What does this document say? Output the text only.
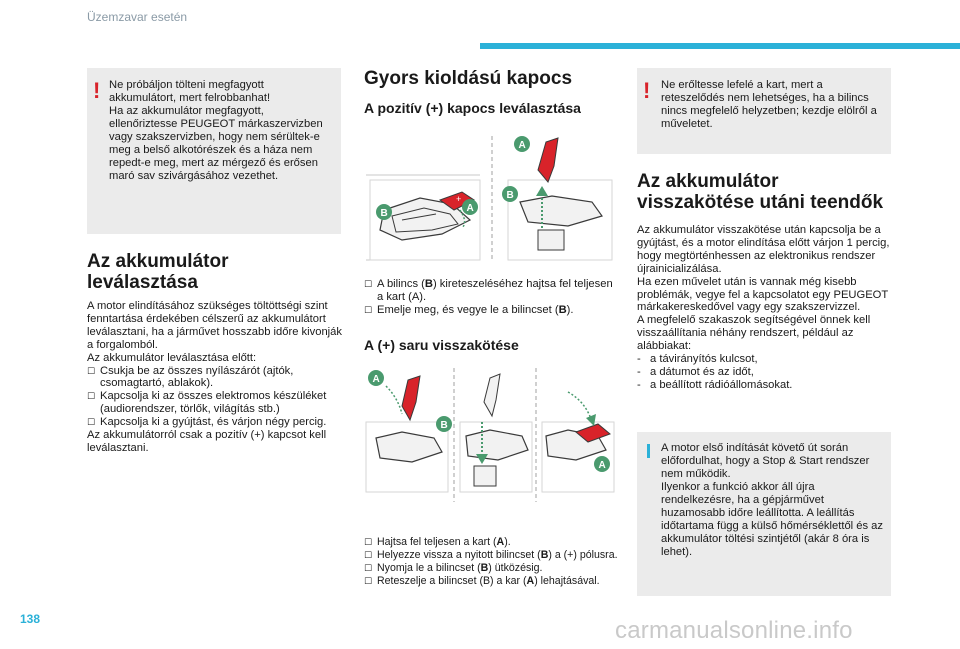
Üzemzavar esetén
! Ne próbáljon tölteni megfagyott akkumulátort, mert felrobbanhat!
Ha az akkumulátor megfagyott, ellenőriztesse PEUGEOT márkaszervizben vagy szakszervizben, hogy nem sérültek-e meg a belső alkotórészek és a háza nem repedt-e meg, mert az mérgező és erősen maró sav szivárgásához vezethet.
Az akkumulátor leválasztása

A motor elindításához szükséges töltöttségi szint fenntartása érdekében célszerű az akkumulátort leválasztani, ha a járművet hosszabb időre kivonják a forgalomból.

Az akkumulátor leválasztása előtt:

☐ Csukja be az összes nyílászárót (ajtók, csomagtartó, ablakok).
☐ Kapcsolja ki az összes elektromos készüléket (audiorendszer, törlők, világítás stb.)
☐ Kapcsolja ki a gyújtást, és várjon négy percig.

Az akkumulátorról csak a pozitív (+) kapcsot kell leválasztani.

Gyors kioldású kapocs
A pozitív (+) kapocs leválasztása
+
B	A
A
B
☐ A bilincs (B) kireteszeléséhez hajtsa fel teljesen a kart (A).
☐ Emelje meg, és vegye le a bilincset (B).
A (+) saru visszakötése
A
B
A
☐ Hajtsa fel teljesen a kart (A).
☐ Helyezze vissza a nyitott bilincset (B) a (+) pólusra.
☐ Nyomja le a bilincset (B) ütközésig.
☐ Reteszelje a bilincset (B) a kar (A) lehajtásával.
! Ne erőltesse lefelé a kart, mert a reteszelődés nem lehetséges, ha a bilincs nincs megfelelő helyzetben; kezdje elölről a műveletet.
Az akkumulátor visszakötése utáni teendők

Az akkumulátor visszakötése után kapcsolja be a gyújtást, és a motor elindítása előtt várjon 1 percig, hogy megtörténhessen az elektronikus rendszer újrainicializálása.
Ha ezen művelet után is vannak még kisebb problémák, vegye fel a kapcsolatot egy PEUGEOT márkakereskedővel vagy egy szakszervizzel.
A megfelelő szakaszok segítségével önnek kell visszaállítania néhány rendszert, például az alábbiakat:

- a távirányítós kulcsot,
- a dátumot és az időt,
- a beállított rádióállomásokat.
A motor első indítását követő út során előfordulhat, hogy a Stop & Start rendszer nem működik.
Ilyenkor a funkció akkor áll újra rendelkezésre, ha a gépjárművet huzamosabb időre leállította. A leállítás időtartama függ a külső hőmérséklettől és az akkumulátor töltési szintjétől (akár 8 óra is lehet).
138	carmanualsonline.info
